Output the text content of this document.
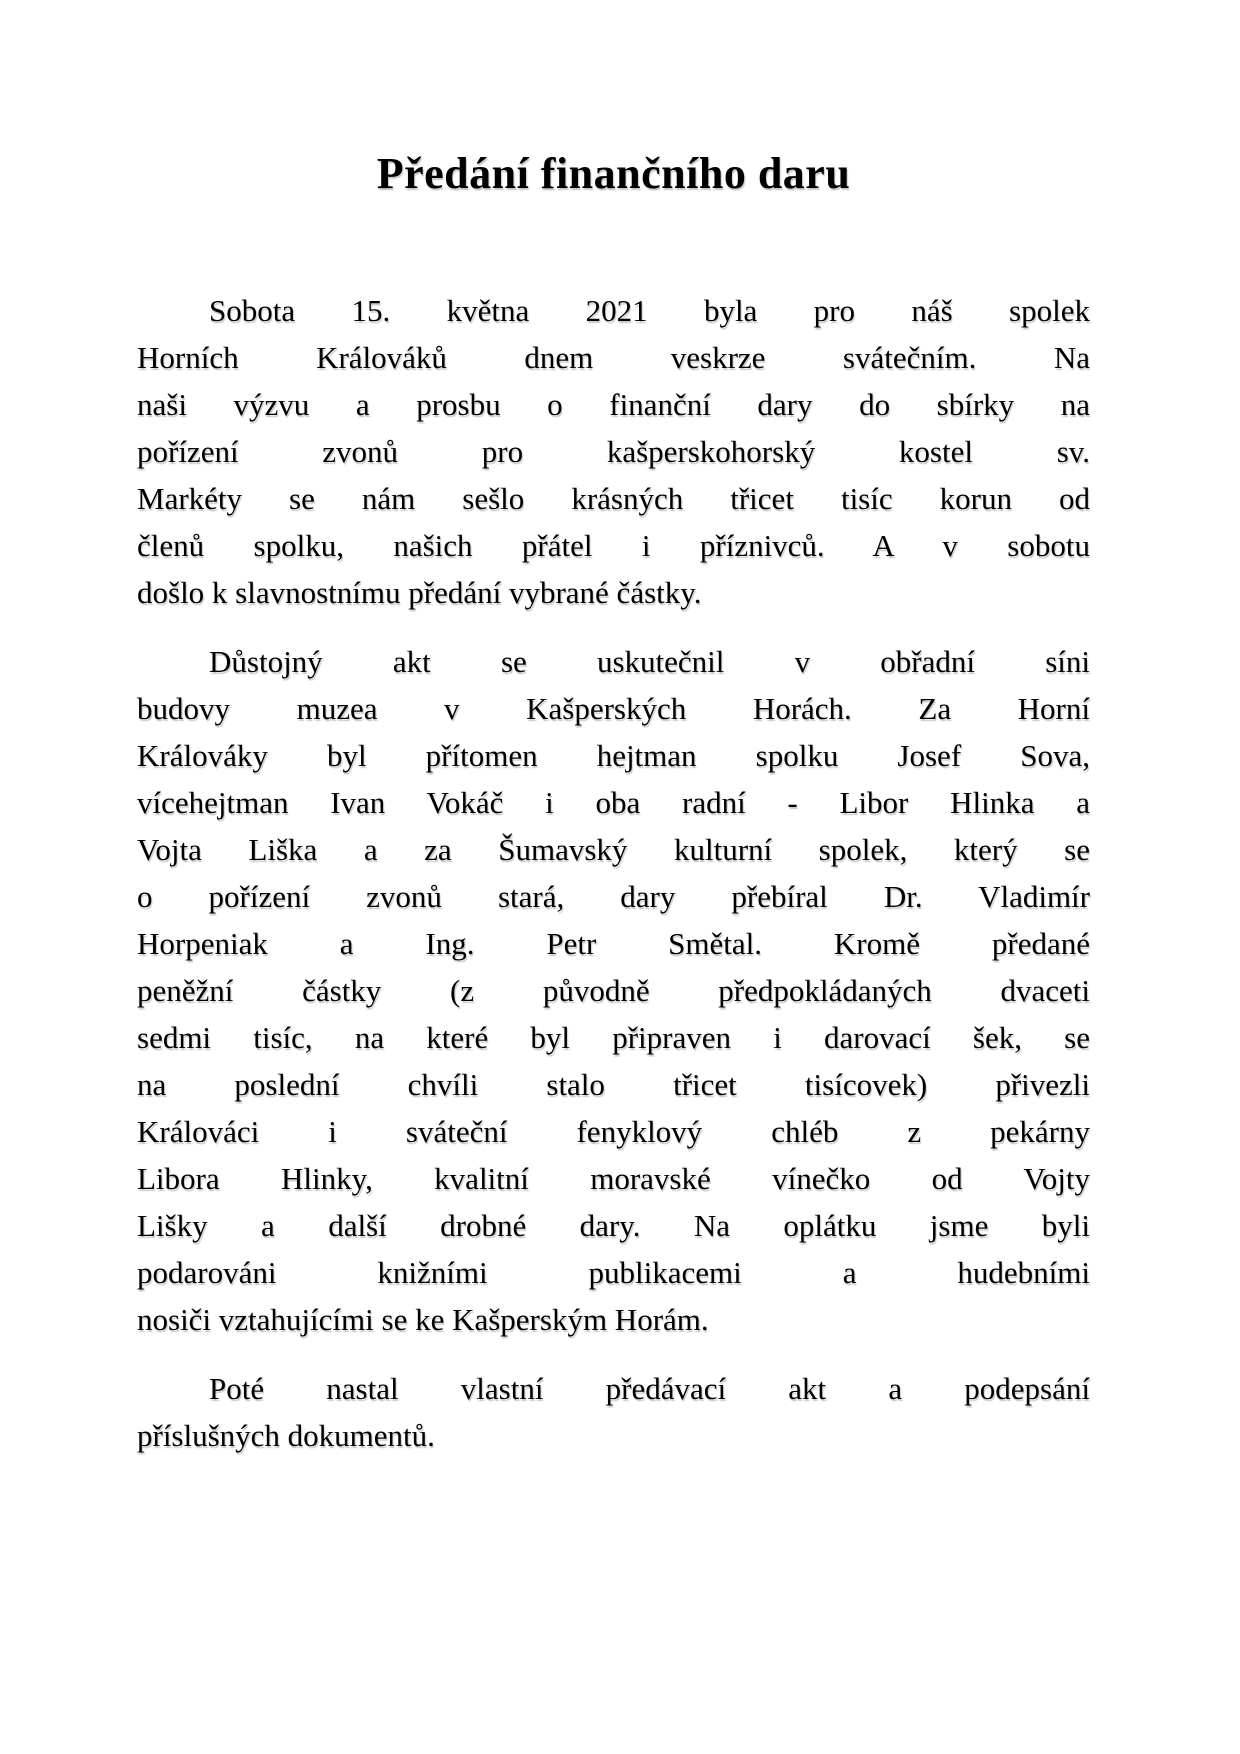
Předání finančního daru
Sobota 15. května 2021 byla pro náš spolek
Horních Králováků dnem veskrze svátečním. Na
naši výzvu a prosbu o finanční dary do sbírky na
pořízení zvonů pro kašperskohorský kostel sv.
Markéty se nám sešlo krásných třicet tisíc korun od
členů spolku, našich přátel i příznivců. A v sobotu
došlo k slavnostnímu předání vybrané částky.
Důstojný akt se uskutečnil v obřadní síni
budovy muzea v Kašperských Horách. Za Horní
Králováky byl přítomen hejtman spolku Josef Sova,
vícehejtman Ivan Vokáč i oba radní - Libor Hlinka a
Vojta Liška a za Šumavský kulturní spolek, který se
o pořízení zvonů stará, dary přebíral Dr. Vladimír
Horpeniak a Ing. Petr Smětal. Kromě předané
peněžní částky (z původně předpokládaných dvaceti
sedmi tisíc, na které byl připraven i darovací šek, se
na poslední chvíli stalo třicet tisícovek) přivezli
Králováci i sváteční fenyklový chléb z pekárny
Libora Hlinky, kvalitní moravské vínečko od Vojty
Lišky a další drobné dary. Na oplátku jsme byli
podarováni knižními publikacemi a hudebními
nosiči vztahujícími se ke Kašperským Horám.
Poté nastal vlastní předávací akt a podepsání
příslušných dokumentů.
